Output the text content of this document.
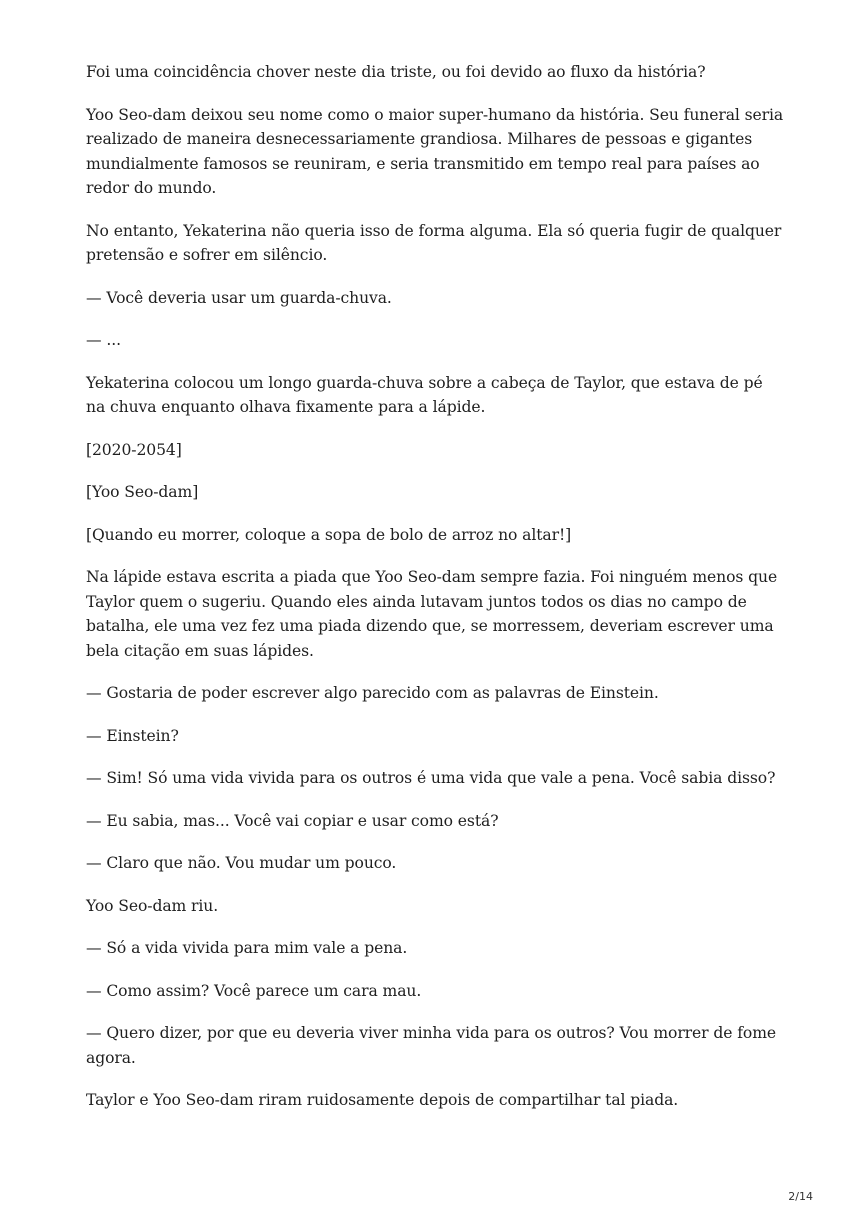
Foi uma coincidência chover neste dia triste, ou foi devido ao fluxo da história?

Yoo Seo-dam deixou seu nome como o maior super-humano da história. Seu funeral seria realizado de maneira desnecessariamente grandiosa. Milhares de pessoas e gigantes mundialmente famosos se reuniram, e seria transmitido em tempo real para países ao redor do mundo.

No entanto, Yekaterina não queria isso de forma alguma. Ela só queria fugir de qualquer pretensão e sofrer em silêncio.

— Você deveria usar um guarda-chuva.

— ...

Yekaterina colocou um longo guarda-chuva sobre a cabeça de Taylor, que estava de pé na chuva enquanto olhava fixamente para a lápide.

[2020-2054]

[Yoo Seo-dam]

[Quando eu morrer, coloque a sopa de bolo de arroz no altar!]

Na lápide estava escrita a piada que Yoo Seo-dam sempre fazia. Foi ninguém menos que Taylor quem o sugeriu. Quando eles ainda lutavam juntos todos os dias no campo de batalha, ele uma vez fez uma piada dizendo que, se morressem, deveriam escrever uma bela citação em suas lápides.

— Gostaria de poder escrever algo parecido com as palavras de Einstein.

— Einstein?

— Sim! Só uma vida vivida para os outros é uma vida que vale a pena. Você sabia disso?

— Eu sabia, mas... Você vai copiar e usar como está?

— Claro que não. Vou mudar um pouco.

Yoo Seo-dam riu.

— Só a vida vivida para mim vale a pena.

— Como assim? Você parece um cara mau.

— Quero dizer, por que eu deveria viver minha vida para os outros? Vou morrer de fome agora.

Taylor e Yoo Seo-dam riram ruidosamente depois de compartilhar tal piada.

2/14
